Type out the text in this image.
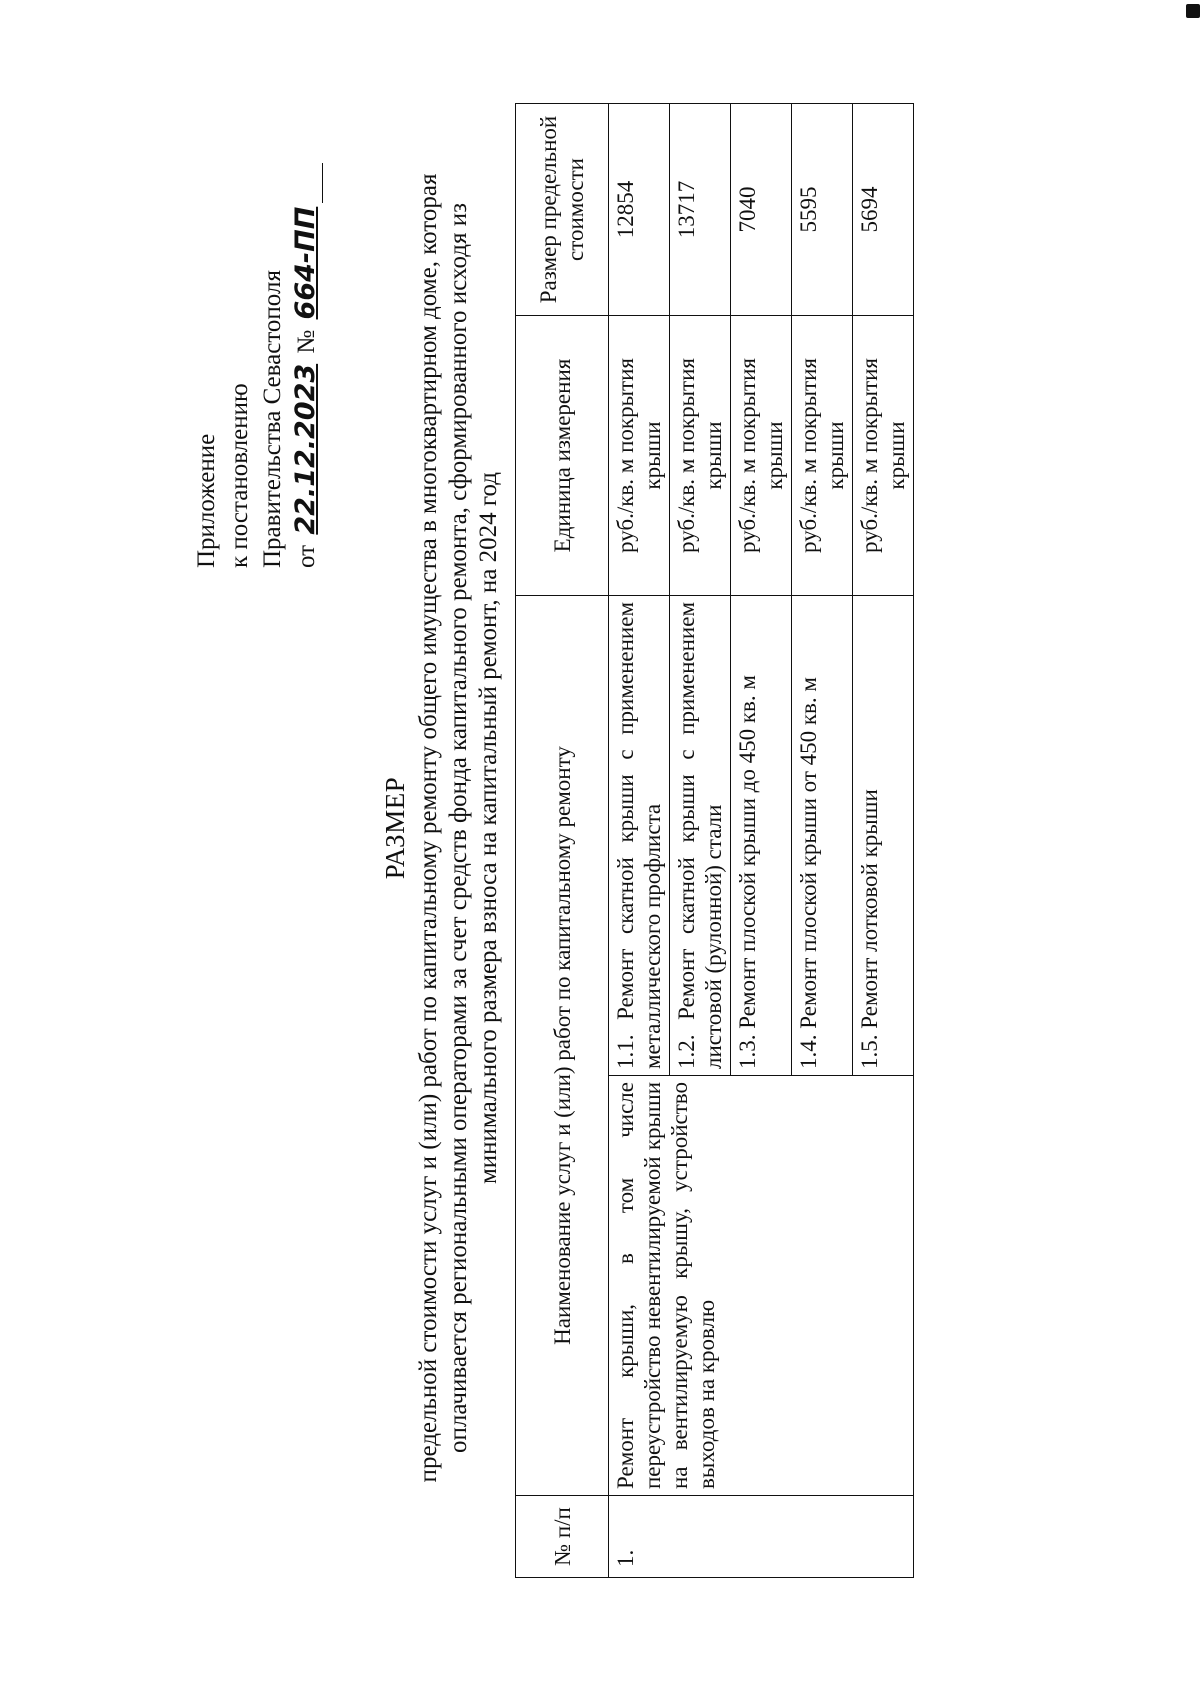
Приложение к постановлению Правительства Севастополя от 22.12.2023 № 664-ПП
РАЗМЕР предельной стоимости услуг и (или) работ по капитальному ремонту общего имущества в многоквартирном доме, которая оплачивается региональными операторами за счет средств фонда капитального ремонта, сформированного исходя из минимального размера взноса на капитальный ремонт, на 2024 год
№ п/п	Наименование услуг и (или) работ по капитальному ремонту		Единица измерения	Размер предельной стоимости
1.	Ремонт крыши, в том числе переустройство невентилируемой крыши на вентилируемую крышу, устройство выходов на кровлю	1.1. Ремонт скатной крыши с применением металлического профлиста	руб./кв. м покрытия крыши	12854
		1.2. Ремонт скатной крыши с применением листовой (рулонной) стали	руб./кв. м покрытия крыши	13717
		1.3. Ремонт плоской крыши до 450 кв. м	руб./кв. м покрытия крыши	7040
		1.4. Ремонт плоской крыши от 450 кв. м	руб./кв. м покрытия крыши	5595
		1.5. Ремонт лотковой крыши	руб./кв. м покрытия крыши	5694
